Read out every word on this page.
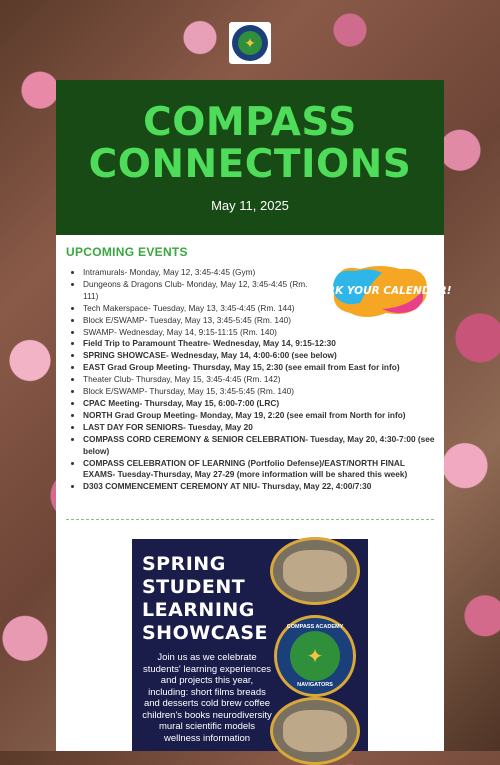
✦
COMPASS CONNECTIONS
May 11, 2025
UPCOMING EVENTS
• Intramurals- Monday, May 12, 3:45-4:45 (Gym)
• Dungeons & Dragons Club- Monday, May 12, 3:45-4:45 (Rm. 111)
• Tech Makerspace- Tuesday, May 13, 3:45-4:45 (Rm. 144)
• Block E/SWAMP- Tuesday, May 13, 3:45-5:45 (Rm. 140)
• SWAMP- Wednesday, May 14, 9:15-11:15 (Rm. 140)
• Field Trip to Paramount Theatre- Wednesday, May 14, 9:15-12:30
• SPRING SHOWCASE- Wednesday, May 14, 4:00-6:00 (see below)
• EAST Grad Group Meeting- Thursday, May 15, 2:30 (see email from East for info)
• Theater Club- Thursday, May 15, 3:45-4:45 (Rm. 142)
• Block E/SWAMP- Thursday, May 15, 3:45-5:45 (Rm. 140)
• CPAC Meeting- Thursday, May 15, 6:00-7:00 (LRC)
• NORTH Grad Group Meeting- Monday, May 19, 2:20 (see email from North for info)
• LAST DAY FOR SENIORS- Tuesday, May 20
• COMPASS CORD CEREMONY & SENIOR CELEBRATION- Tuesday, May 20, 4:30-7:00 (see below)
• COMPASS CELEBRATION OF LEARNING (Portfolio Defense)/EAST/NORTH FINAL EXAMS- Tuesday-Thursday, May 27-29 (more information will be shared this week)
• D303 COMMENCEMENT CEREMONY AT NIU- Thursday, May 22, 4:00/7:30
MARK YOUR CALENDAR!
SPRING STUDENT LEARNING SHOWCASE
Join us as we celebrate students' learning experiences and projects this year, including: short films breads and desserts cold brew coffee children's books neurodiversity mural scientific models wellness information
COMPASS ACADEMY
✦
NAVIGATORS
